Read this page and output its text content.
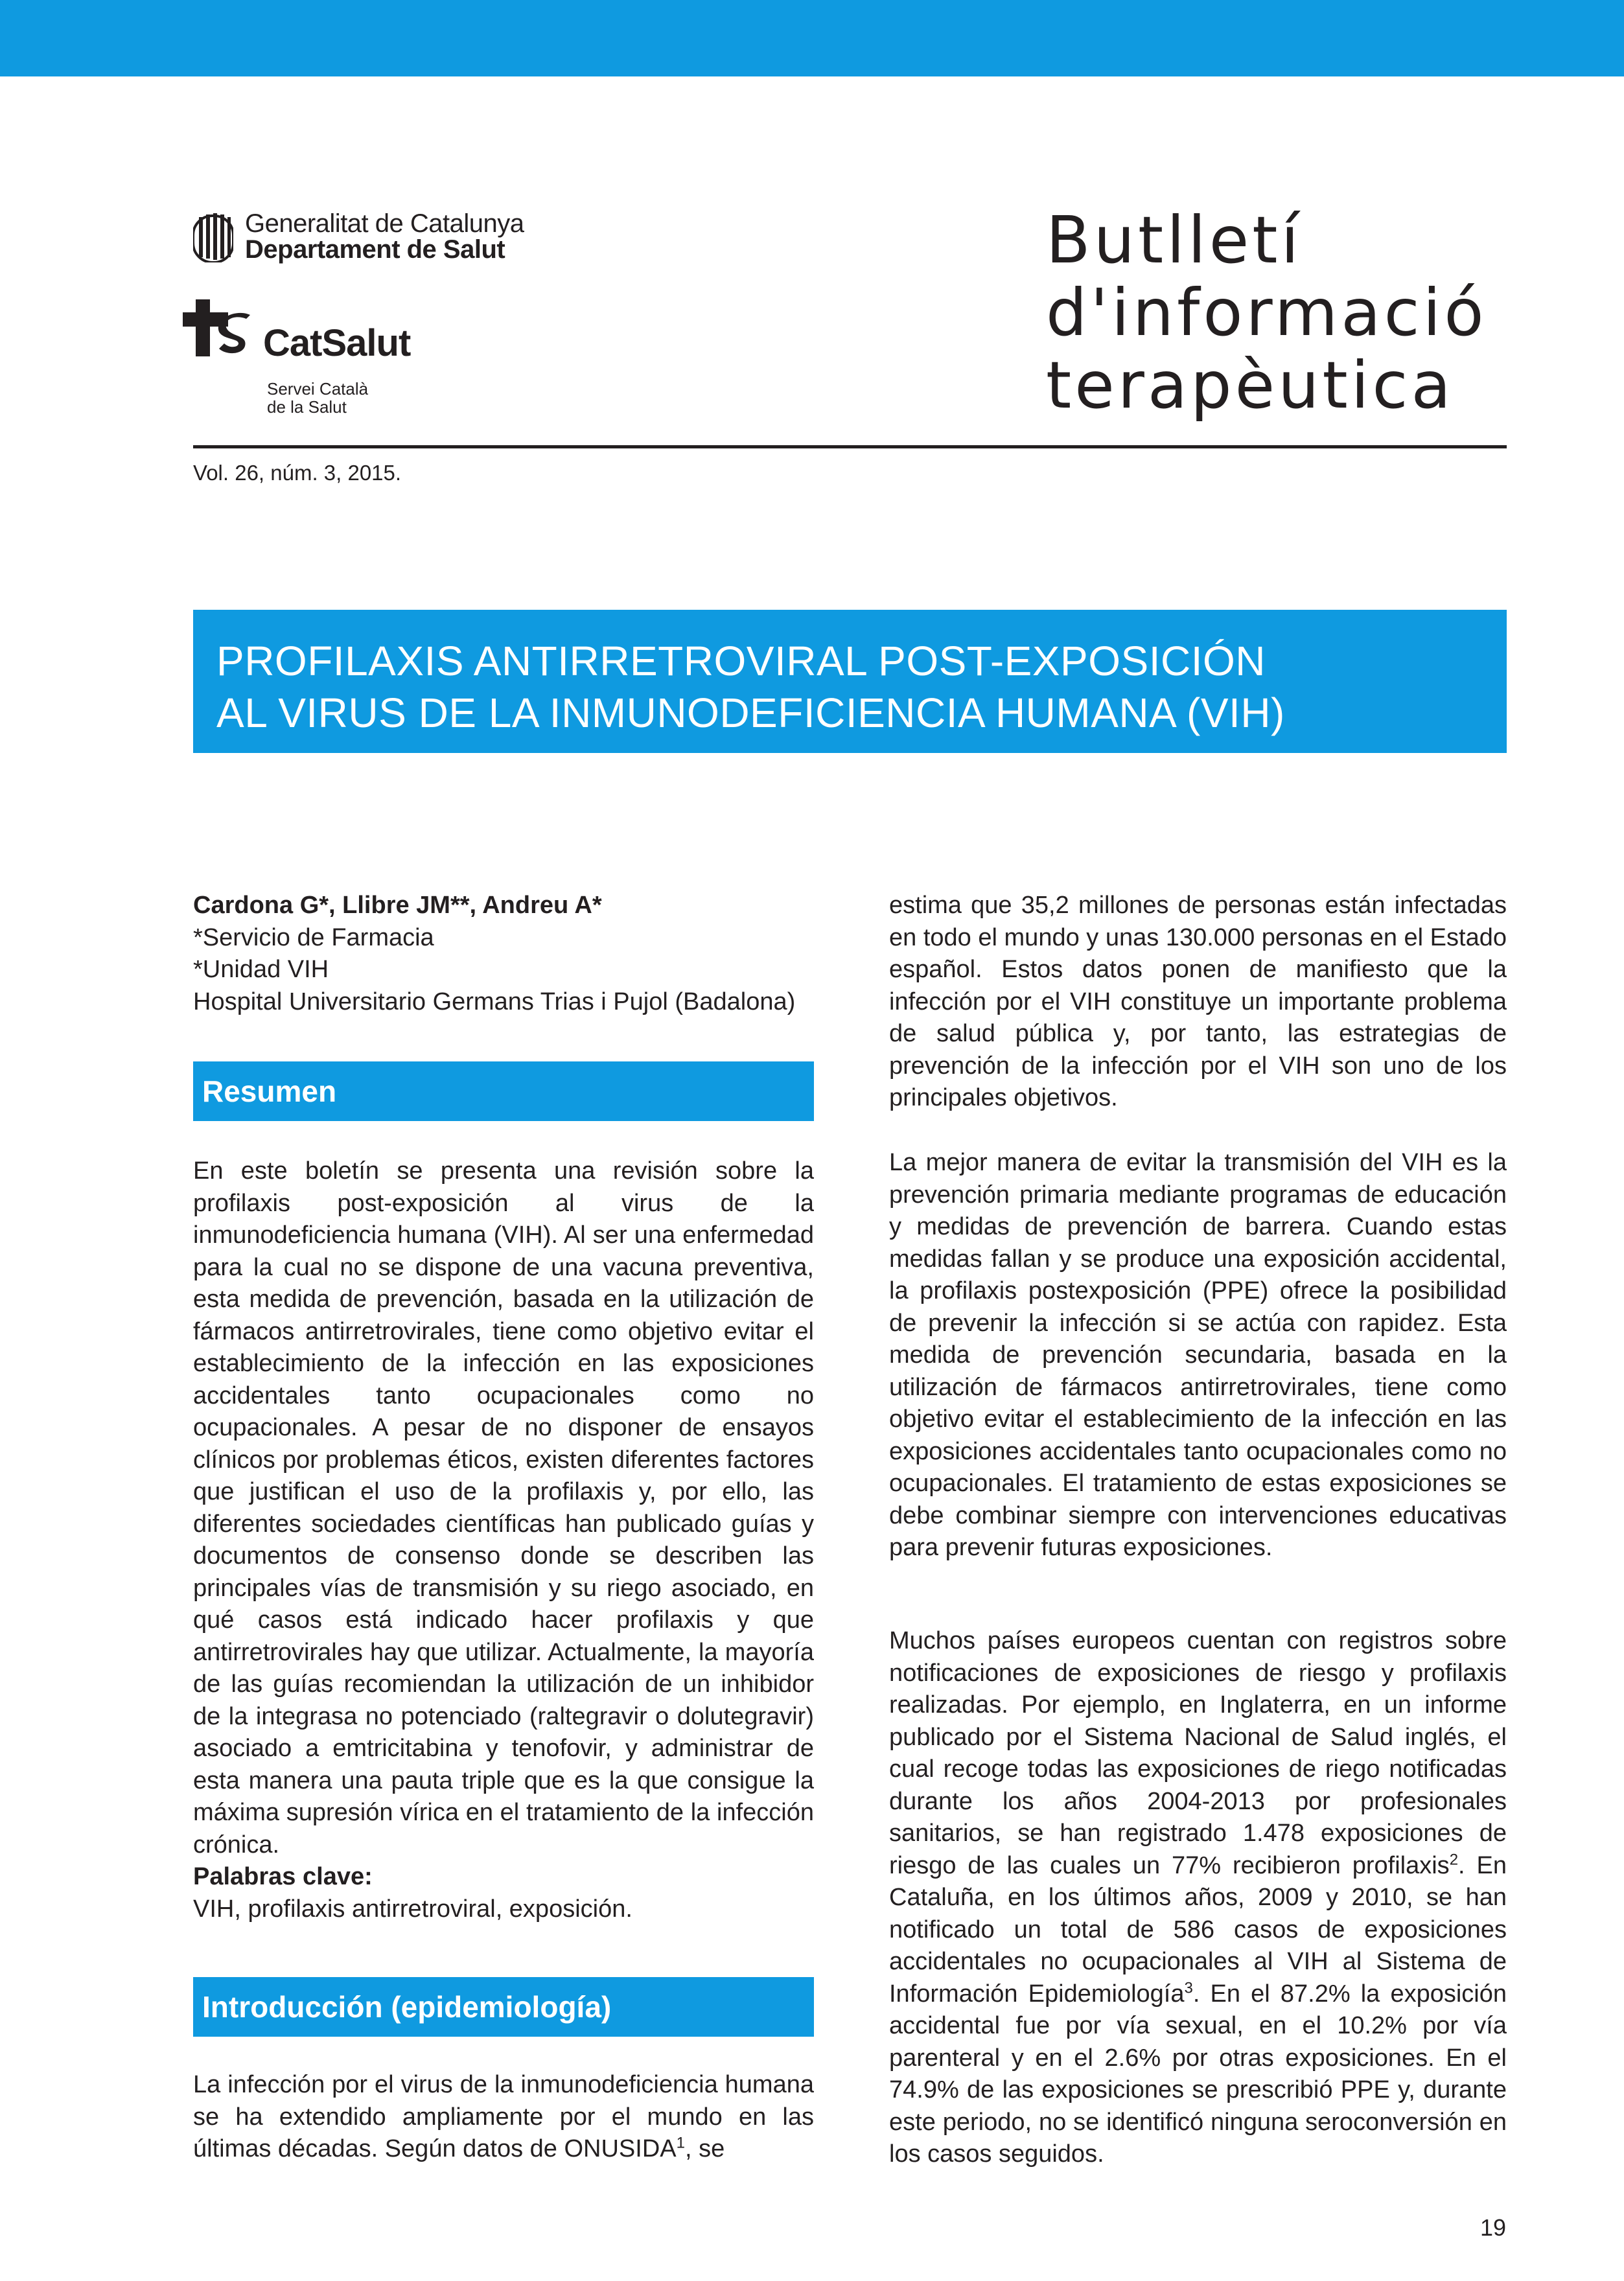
Generalitat de Catalunya
Departament de Salut
CatSalut
Servei Català
de la Salut
Butlletí
d'informació
terapèutica
Vol. 26, núm. 3, 2015.
PROFILAXIS ANTIRRETROVIRAL POST-EXPOSICIÓN
AL VIRUS DE LA INMUNODEFICIENCIA HUMANA (VIH)

Cardona G*, Llibre JM**, Andreu A*

*Servicio de Farmacia

*Unidad VIH

Hospital Universitario Germans Trias i Pujol (Badalona)

Resumen

En este boletín se presenta una revisión sobre la profilaxis post-exposición al virus de la inmunodeficiencia humana (VIH). Al ser una enfermedad para la cual no se dispone de una vacuna preventiva, esta medida de prevención, basada en la utilización de fármacos antirretrovirales, tiene como objetivo evitar el establecimiento de la infección en las exposiciones accidentales tanto ocupacionales como no ocupacionales. A pesar de no disponer de ensayos clínicos por problemas éticos, existen diferentes factores que justifican el uso de la profilaxis y, por ello, las diferentes sociedades científicas han publicado guías y documentos de consenso donde se describen las principales vías de transmisión y su riego asociado, en qué casos está indicado hacer profilaxis y que antirretrovirales hay que utilizar. Actualmente, la mayoría de las guías recomiendan la utilización de un inhibidor de la integrasa no potenciado (raltegravir o dolutegravir) asociado a emtricitabina y tenofovir, y administrar de esta manera una pauta triple que es la que consigue la máxima supresión vírica en el tratamiento de la infección crónica.

Palabras clave:

VIH, profilaxis antirretroviral, exposición.

Introducción (epidemiología)

La infección por el virus de la inmunodeficiencia humana se ha extendido ampliamente por el mundo en las últimas décadas. Según datos de ONUSIDA$^1$, se

estima que 35,2 millones de personas están infectadas en todo el mundo y unas 130.000 personas en el Estado español. Estos datos ponen de manifiesto que la infección por el VIH constituye un importante problema de salud pública y, por tanto, las estrategias de prevención de la infección por el VIH son uno de los principales objetivos.

La mejor manera de evitar la transmisión del VIH es la prevención primaria mediante programas de educación y medidas de prevención de barrera. Cuando estas medidas fallan y se produce una exposición accidental, la profilaxis postexposición (PPE) ofrece la posibilidad de prevenir la infección si se actúa con rapidez. Esta medida de prevención secundaria, basada en la utilización de fármacos antirretrovirales, tiene como objetivo evitar el establecimiento de la infección en las exposiciones accidentales tanto ocupacionales como no ocupacionales. El tratamiento de estas exposiciones se debe combinar siempre con intervenciones educativas para prevenir futuras exposiciones.

Muchos países europeos cuentan con registros sobre notificaciones de exposiciones de riesgo y profilaxis realizadas. Por ejemplo, en Inglaterra, en un informe publicado por el Sistema Nacional de Salud inglés, el cual recoge todas las exposiciones de riego notificadas durante los años 2004-2013 por profesionales sanitarios, se han registrado 1.478 exposiciones de riesgo de las cuales un 77% recibieron profilaxis$^2$. En Cataluña, en los últimos años, 2009 y 2010, se han notificado un total de 586 casos de exposiciones accidentales no ocupacionales al VIH al Sistema de Información Epidemiología$^3$. En el 87.2% la exposición accidental fue por vía sexual, en el 10.2% por vía parenteral y en el 2.6% por otras exposiciones. En el 74.9% de las exposiciones se prescribió PPE y, durante este periodo, no se identificó ninguna seroconversión en los casos seguidos.

19
